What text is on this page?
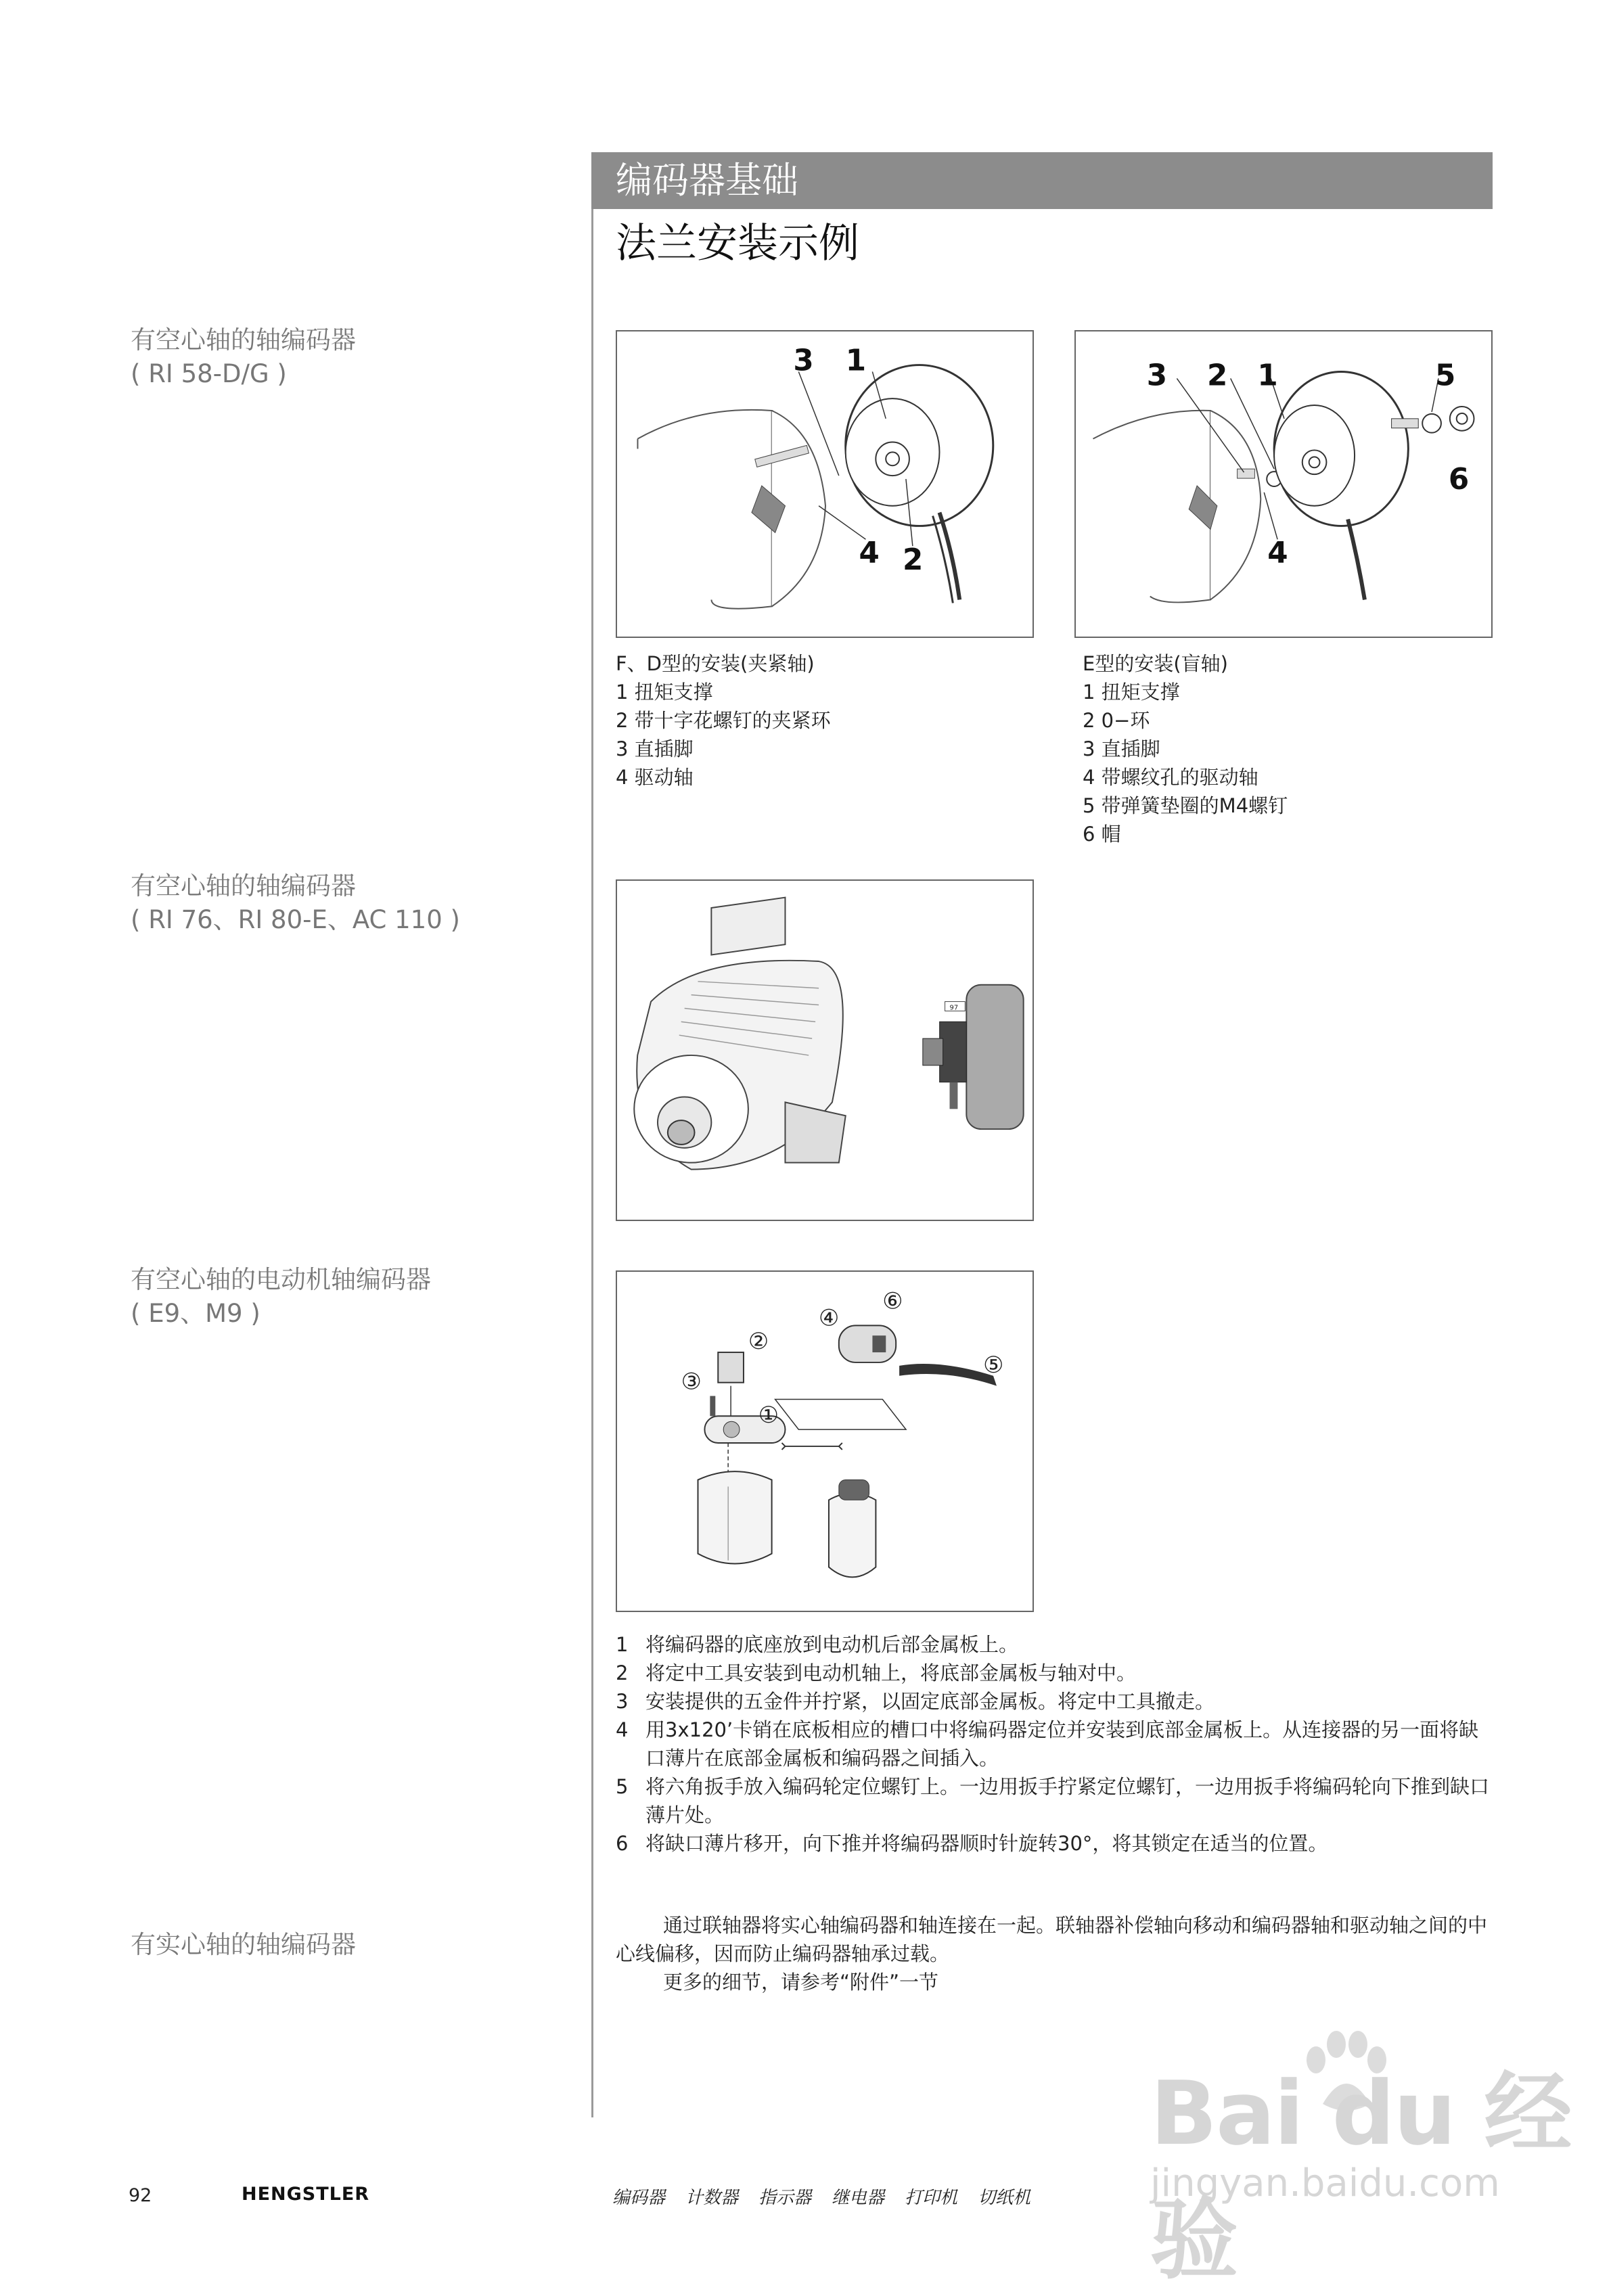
有空心轴的轴编码器
( RI 58-D/G )
有空心轴的轴编码器
( RI 76、RI 80-E、AC 110 )
有空心轴的电动机轴编码器
( E9、M9 )
有实心轴的轴编码器
编码器基础
法兰安装示例
3 1
4 2
F、D型的安装(夹紧轴)
1 扭矩支撑
2 带十字花螺钉的夹紧环
3 直插脚
4 驱动轴
3 2 1	5
6
4
E型的安装(盲轴)
1 扭矩支撑
2 0−环
3 直插脚
4 带螺纹孔的驱动轴
5 带弹簧垫圈的M4螺钉
6 帽
97
④
⑥
②
③
①
⑤
1 将编码器的底座放到电动机后部金属板上。
2 将定中工具安装到电动机轴上，将底部金属板与轴对中。
3 安装提供的五金件并拧紧，以固定底部金属板。将定中工具撤走。
4 用3x120’卡销在底板相应的槽口中将编码器定位并安装到底部金属板上。从连接器的另一面将缺口薄片在底部金属板和编码器之间插入。
5 将六角扳手放入编码轮定位螺钉上。一边用扳手拧紧定位螺钉，一边用扳手将编码轮向下推到缺口薄片处。
6 将缺口薄片移开，向下推并将编码器顺时针旋转30°，将其锁定在适当的位置。
通过联轴器将实心轴编码器和轴连接在一起。联轴器补偿轴向移动和编码器轴和驱动轴之间的中心线偏移，因而防止编码器轴承过载。
更多的细节，请参考“附件”一节
92	HENGSTLER	编码器 计数器 指示器 继电器 打印机 切纸机
Bai du 经验
jingyan.baidu.com
